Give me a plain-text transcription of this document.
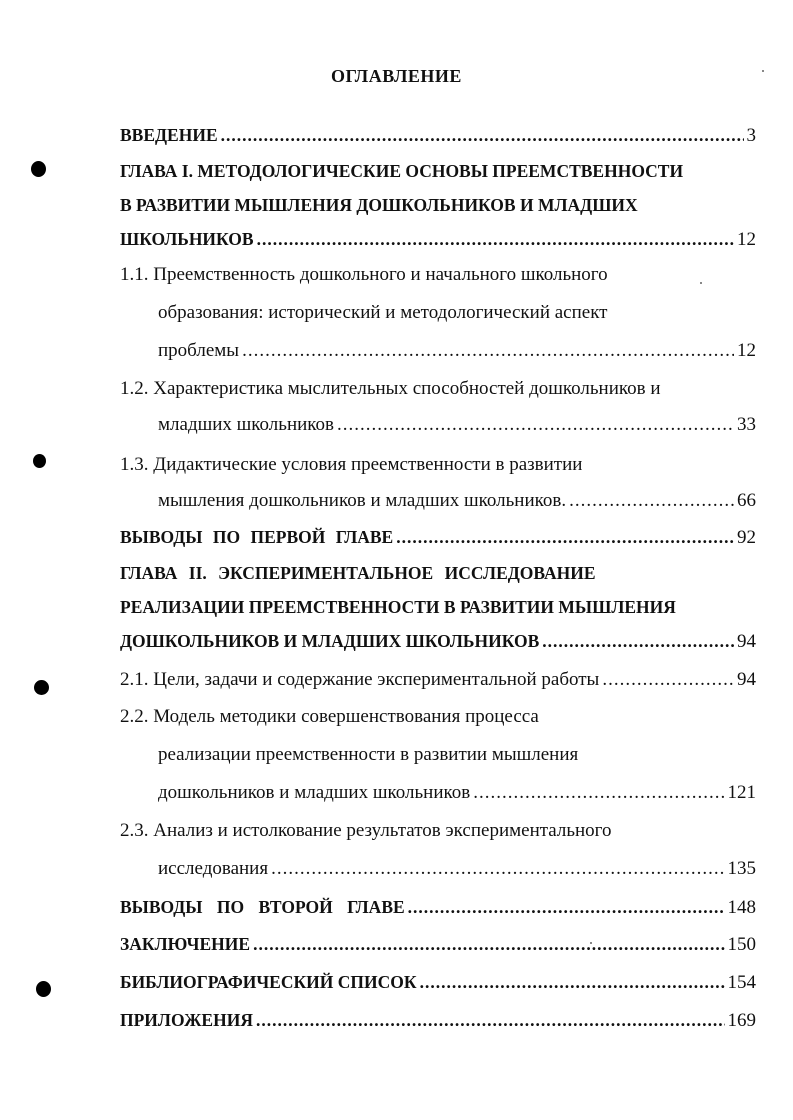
ОГЛАВЛЕНИЕ
ВВЕДЕНИЕ .....	3
ГЛАВА I. МЕТОДОЛОГИЧЕСКИЕ ОСНОВЫ ПРЕЕМСТВЕННОСТИ
В РАЗВИТИИ МЫШЛЕНИЯ ДОШКОЛЬНИКОВ И МЛАДШИХ
ШКОЛЬНИКОВ .....	12
1.1. Преемственность дошкольного и начального школьного
образования: исторический и методологический аспект
проблемы .....	12
1.2. Характеристика мыслительных способностей дошкольников и
младших школьников .....	33
1.3. Дидактические условия преемственности в развитии
мышления дошкольников и младших школьников. .....	66
ВЫВОДЫ ПО ПЕРВОЙ ГЛАВЕ .....	92
ГЛАВА II. ЭКСПЕРИМЕНТАЛЬНОЕ ИССЛЕДОВАНИЕ
РЕАЛИЗАЦИИ ПРЕЕМСТВЕННОСТИ В РАЗВИТИИ МЫШЛЕНИЯ
ДОШКОЛЬНИКОВ И МЛАДШИХ ШКОЛЬНИКОВ .....	94
2.1. Цели, задачи и содержание экспериментальной работы .....	94
2.2. Модель методики совершенствования процесса
реализации преемственности в развитии мышления
дошкольников и младших школьников .....	121
2.3. Анализ и истолкование результатов экспериментального
исследования .....	135
ВЫВОДЫ ПО ВТОРОЙ ГЛАВЕ .....	148
ЗАКЛЮЧЕНИЕ .....	150
БИБЛИОГРАФИЧЕСКИЙ СПИСОК .....	154
ПРИЛОЖЕНИЯ .....	169
